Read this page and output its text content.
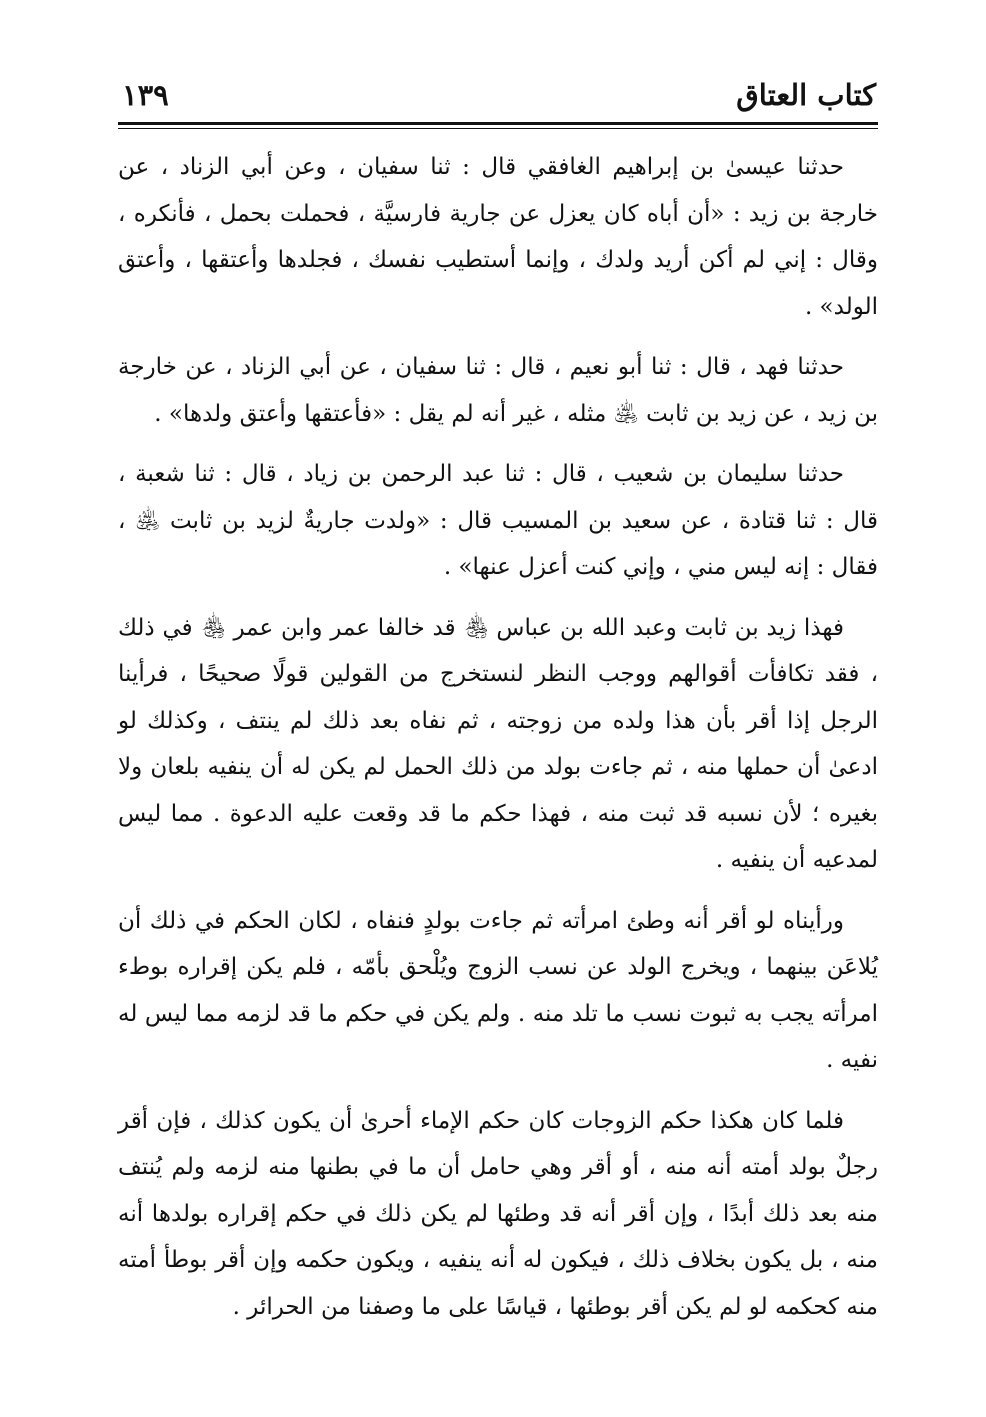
كتاب العتاق
١٣٩

حدثنا عيسىٰ بن إبراهيم الغافقي قال : ثنا سفيان ، وعن أبي الزناد ، عن خارجة بن زيد : «أن أباه كان يعزل عن جارية فارسيَّة ، فحملت بحمل ، فأنكره ، وقال : إني لم أكن أريد ولدك ، وإنما أستطيب نفسك ، فجلدها وأعتقها ، وأعتق الولد» .

حدثنا فهد ، قال : ثنا أبو نعيم ، قال : ثنا سفيان ، عن أبي الزناد ، عن خارجة بن زيد ، عن زيد بن ثابت ﵁ مثله ، غير أنه لم يقل : «فأعتقها وأعتق ولدها» .

حدثنا سليمان بن شعيب ، قال : ثنا عبد الرحمن بن زياد ، قال : ثنا شعبة ، قال : ثنا قتادة ، عن سعيد بن المسيب قال : «ولدت جاريةٌ لزيد بن ثابت ﵁ ، فقال : إنه ليس مني ، وإني كنت أعزل عنها» .

فهذا زيد بن ثابت وعبد الله بن عباس ﵃ قد خالفا عمر وابن عمر ﵃ في ذلك ، فقد تكافأت أقوالهم ووجب النظر لنستخرج من القولين قولًا صحيحًا ، فرأينا الرجل إذا أقر بأن هذا ولده من زوجته ، ثم نفاه بعد ذلك لم ينتف ، وكذلك لو ادعىٰ أن حملها منه ، ثم جاءت بولد من ذلك الحمل لم يكن له أن ينفيه بلعان ولا بغيره ؛ لأن نسبه قد ثبت منه ، فهذا حكم ما قد وقعت عليه الدعوة . مما ليس لمدعيه أن ينفيه .

ورأيناه لو أقر أنه وطئ امرأته ثم جاءت بولدٍ فنفاه ، لكان الحكم في ذلك أن يُلاعَن بينهما ، ويخرج الولد عن نسب الزوج ويُلْحق بأمّه ، فلم يكن إقراره بوطء امرأته يجب به ثبوت نسب ما تلد منه . ولم يكن في حكم ما قد لزمه مما ليس له نفيه .

فلما كان هكذا حكم الزوجات كان حكم الإماء أحرىٰ أن يكون كذلك ، فإن أقر رجلٌ بولد أمته أنه منه ، أو أقر وهي حامل أن ما في بطنها منه لزمه ولم يُنتف منه بعد ذلك أبدًا ، وإن أقر أنه قد وطئها لم يكن ذلك في حكم إقراره بولدها أنه منه ، بل يكون بخلاف ذلك ، فيكون له أنه ينفيه ، ويكون حكمه وإن أقر بوطأ أمته منه كحكمه لو لم يكن أقر بوطئها ، قياسًا على ما وصفنا من الحرائر .
